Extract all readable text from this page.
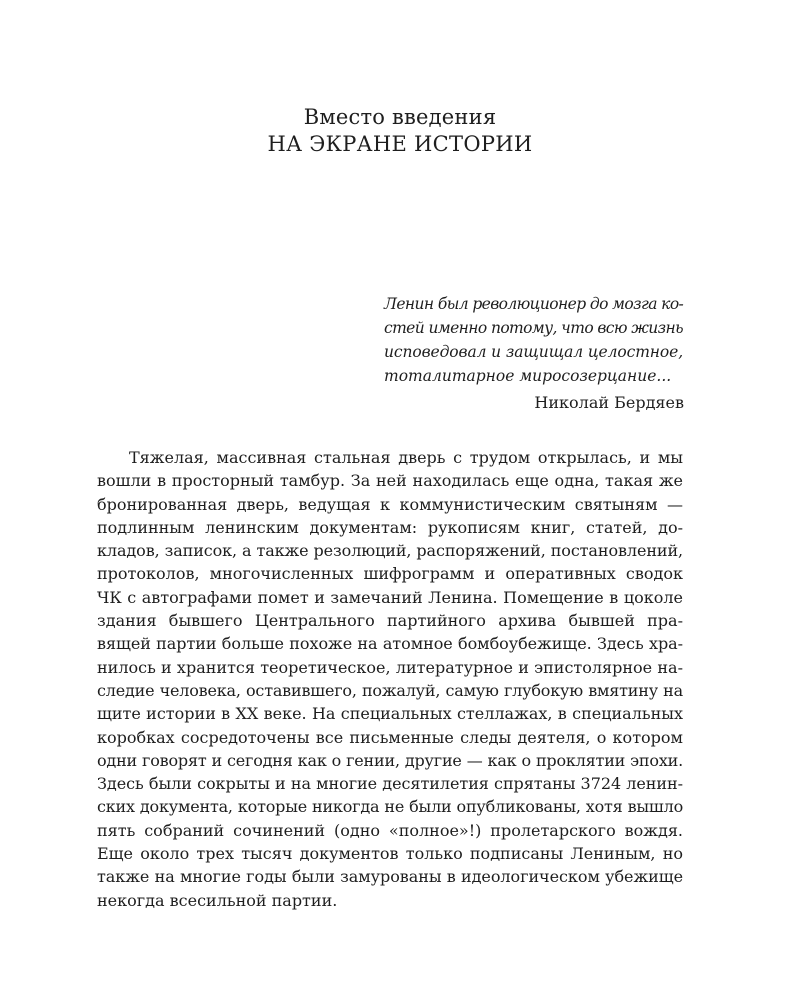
Вместо введения
НА ЭКРАНЕ ИСТОРИИ
Ленин был революционер до мозга ко-
стей именно потому, что всю жизнь
исповедовал и защищал целостное,
тоталитарное миросозерцание...
Николай Бердяев
Тяжелая, массивная стальная дверь с трудом открылась, и мы
вошли в просторный тамбур. За ней находилась еще одна, такая же
бронированная дверь, ведущая к коммунистическим святыням —
подлинным ленинским документам: рукописям книг, статей, до-
кладов, записок, а также резолюций, распоряжений, постановлений,
протоколов, многочисленных шифрограмм и оперативных сводок
ЧК с автографами помет и замечаний Ленина. Помещение в цоколе
здания бывшего Центрального партийного архива бывшей пра-
вящей партии больше похоже на атомное бомбоубежище. Здесь хра-
нилось и хранится теоретическое, литературное и эпистолярное на-
следие человека, оставившего, пожалуй, самую глубокую вмятину на
щите истории в XX веке. На специальных стеллажах, в специальных
коробках сосредоточены все письменные следы деятеля, о котором
одни говорят и сегодня как о гении, другие — как о проклятии эпохи.
Здесь были сокрыты и на многие десятилетия спрятаны 3724 ленин-
ских документа, которые никогда не были опубликованы, хотя вышло
пять собраний сочинений (одно «полное»!) пролетарского вождя.
Еще около трех тысяч документов только подписаны Лениным, но
также на многие годы были замурованы в идеологическом убежище
некогда всесильной партии.
